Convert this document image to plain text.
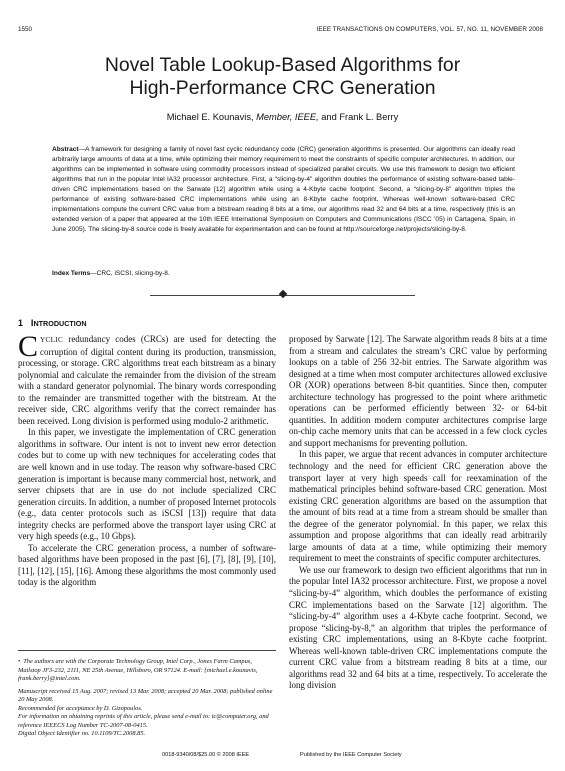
1550	IEEE TRANSACTIONS ON COMPUTERS, VOL. 57, NO. 11, NOVEMBER 2008
Novel Table Lookup-Based Algorithms for
High-Performance CRC Generation
Michael E. Kounavis, Member, IEEE, and Frank L. Berry
Abstract—A framework for designing a family of novel fast cyclic redundancy code (CRC) generation algorithms is presented. Our algorithms can ideally read arbitrarily large amounts of data at a time, while optimizing their memory requirement to meet the constraints of specific computer architectures. In addition, our algorithms can be implemented in software using commodity processors instead of specialized parallel circuits. We use this framework to design two efficient algorithms that run in the popular Intel IA32 processor architecture. First, a “slicing-by-4” algorithm doubles the performance of existing software-based table-driven CRC implementations based on the Sarwate [12] algorithm while using a 4-Kbyte cache footprint. Second, a “slicing-by-8” algorithm triples the performance of existing software-based CRC implementations while using an 8-Kbyte cache footprint. Whereas well-known software-based CRC implementations compute the current CRC value from a bitstream reading 8 bits at a time, our algorithms read 32 and 64 bits at a time, respectively (this is an extended version of a paper that appeared at the 10th IEEE International Symposium on Computers and Communications (ISCC ’05) in Cartagena, Spain, in June 2005). The slicing-by-8 source code is freely available for experimentation and can be found at http://sourceforge.net/projects/slicing-by-8.
Index Terms—CRC, iSCSI, slicing-by-8.
1 INTRODUCTION

CYCLIC redundancy codes (CRCs) are used for detecting the corruption of digital content during its production, transmission, processing, or storage. CRC algorithms treat each bitstream as a binary polynomial and calculate the remainder from the division of the stream with a standard generator polynomial. The binary words corresponding to the remainder are transmitted together with the bitstream. At the receiver side, CRC algorithms verify that the correct remainder has been received. Long division is performed using modulo-2 arithmetic.

In this paper, we investigate the implementation of CRC generation algorithms in software. Our intent is not to invent new error detection codes but to come up with new techniques for accelerating codes that are well known and in use today. The reason why software-based CRC generation is important is because many commercial host, network, and server chipsets that are in use do not include specialized CRC generation circuits. In addition, a number of proposed Internet protocols (e.g., data center protocols such as iSCSI [13]) require that data integrity checks are performed above the transport layer using CRC at very high speeds (e.g., 10 Gbps).

To accelerate the CRC generation process, a number of software-based algorithms have been proposed in the past [6], [7], [8], [9], [10], [11], [12], [15], [16]. Among these algorithms the most commonly used today is the algorithm

proposed by Sarwate [12]. The Sarwate algorithm reads 8 bits at a time from a stream and calculates the stream’s CRC value by performing lookups on a table of 256 32-bit entries. The Sarwate algorithm was designed at a time when most computer architectures allowed exclusive OR (XOR) operations between 8-bit quantities. Since then, computer architecture technology has progressed to the point where arithmetic operations can be performed efficiently between 32- or 64-bit quantities. In addition modern computer architectures comprise large on-chip cache memory units that can be accessed in a few clock cycles and support mechanisms for preventing pollution.

In this paper, we argue that recent advances in computer architecture technology and the need for efficient CRC generation above the transport layer at very high speeds call for reexamination of the mathematical principles behind software-based CRC generation. Most existing CRC generation algorithms are based on the assumption that the amount of bits read at a time from a stream should be smaller than the degree of the generator polynomial. In this paper, we relax this assumption and propose algorithms that can ideally read arbitrarily large amounts of data at a time, while optimizing their memory requirement to meet the constraints of specific computer architectures.

We use our framework to design two efficient algorithms that run in the popular Intel IA32 processor architecture. First, we propose a novel “slicing-by-4” algorithm, which doubles the performance of existing CRC implementations based on the Sarwate [12] algorithm. The “slicing-by-4” algorithm uses a 4-Kbyte cache footprint. Second, we propose “slicing-by-8,” an algorithm that triples the performance of existing CRC implementations, using an 8-Kbyte cache footprint. Whereas well-known table-driven CRC implementations compute the current CRC value from a bitstream reading 8 bits at a time, our algorithms read 32 and 64 bits at a time, respectively. To accelerate the long division

• The authors are with the Corporate Technology Group, Intel Corp., Jones Farm Campus, Mailstop JF3-232, 2111, NE 25th Avenue, Hillsboro, OR 97124. E-mail: {michael.e.kounavis, frank.berry}@intel.com.

Manuscript received 15 Aug. 2007; revised 13 Mar. 2008; accepted 20 Mar. 2008; published online 20 May 2008.

Recommended for acceptance by D. Gizopoulos.

For information on obtaining reprints of this article, please send e-mail to: tc@computer.org, and reference IEEECS Log Number TC-2007-08-0415.

Digital Object Identifier no. 10.1109/TC.2008.85.

0018-9340/08/$25.00 © 2008 IEEE	Published by the IEEE Computer Society
